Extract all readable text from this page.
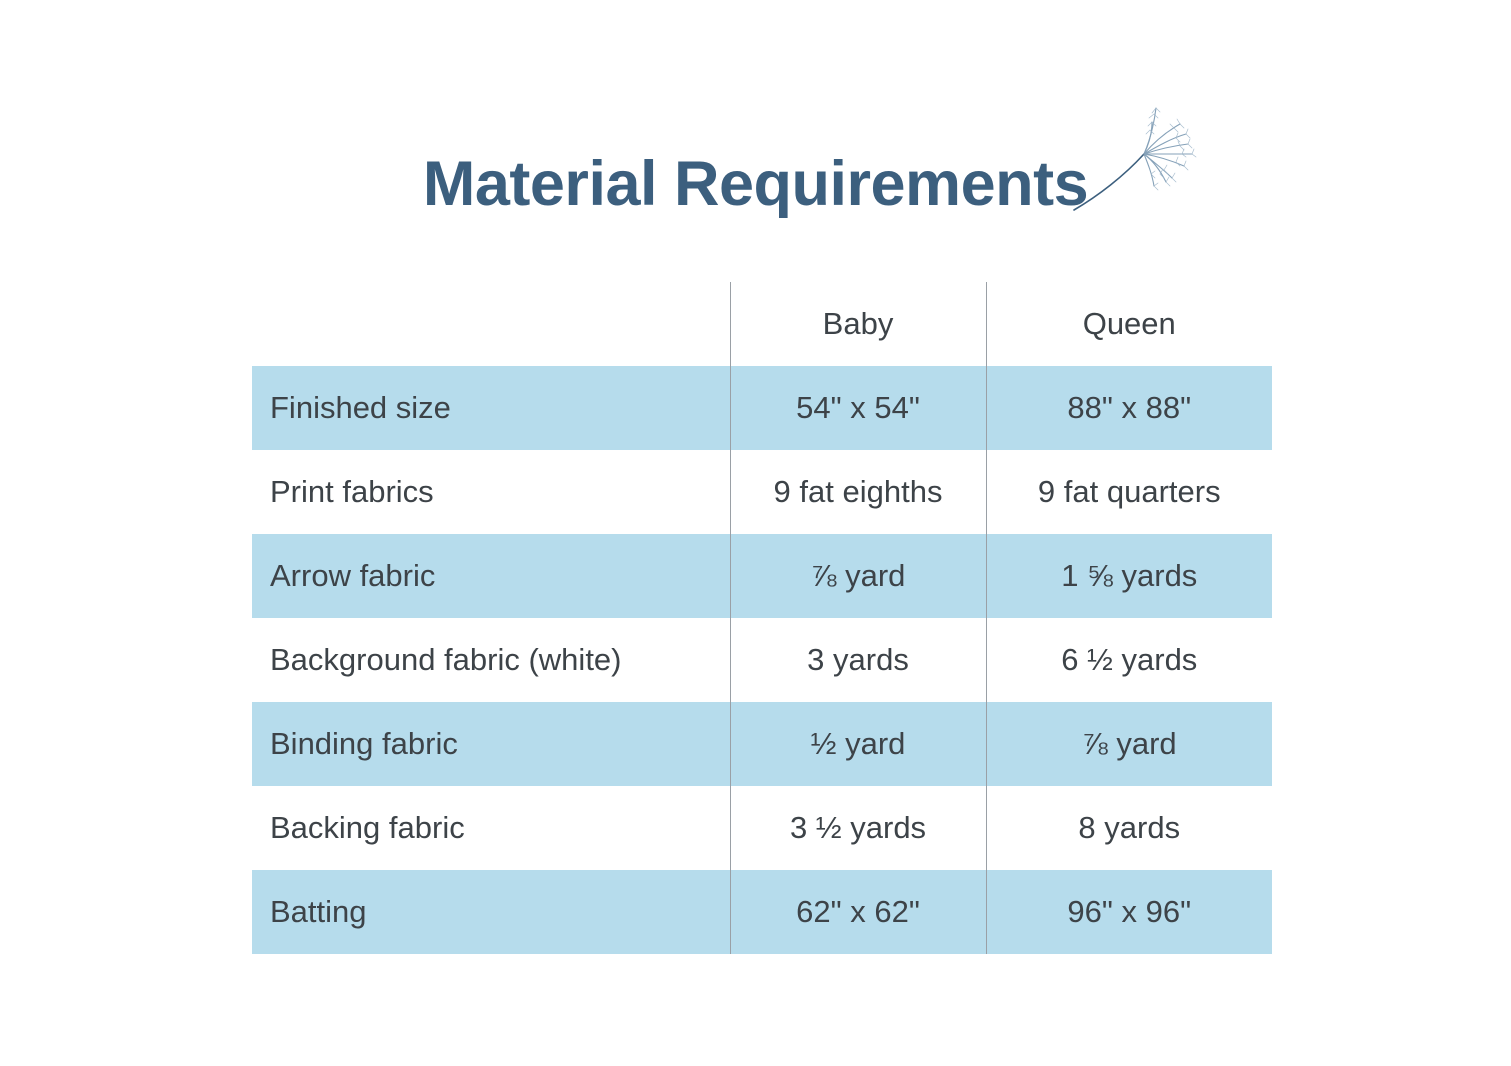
Material Requirements
	Baby	Queen
Finished size	54" x 54"	88" x 88"
Print fabrics	9 fat eighths	9 fat quarters
Arrow fabric	⅞ yard	1 ⅝ yards
Background fabric (white)	3 yards	6 ½ yards
Binding fabric	½ yard	⅞ yard
Backing fabric	3 ½ yards	8 yards
Batting	62" x 62"	96" x 96"
